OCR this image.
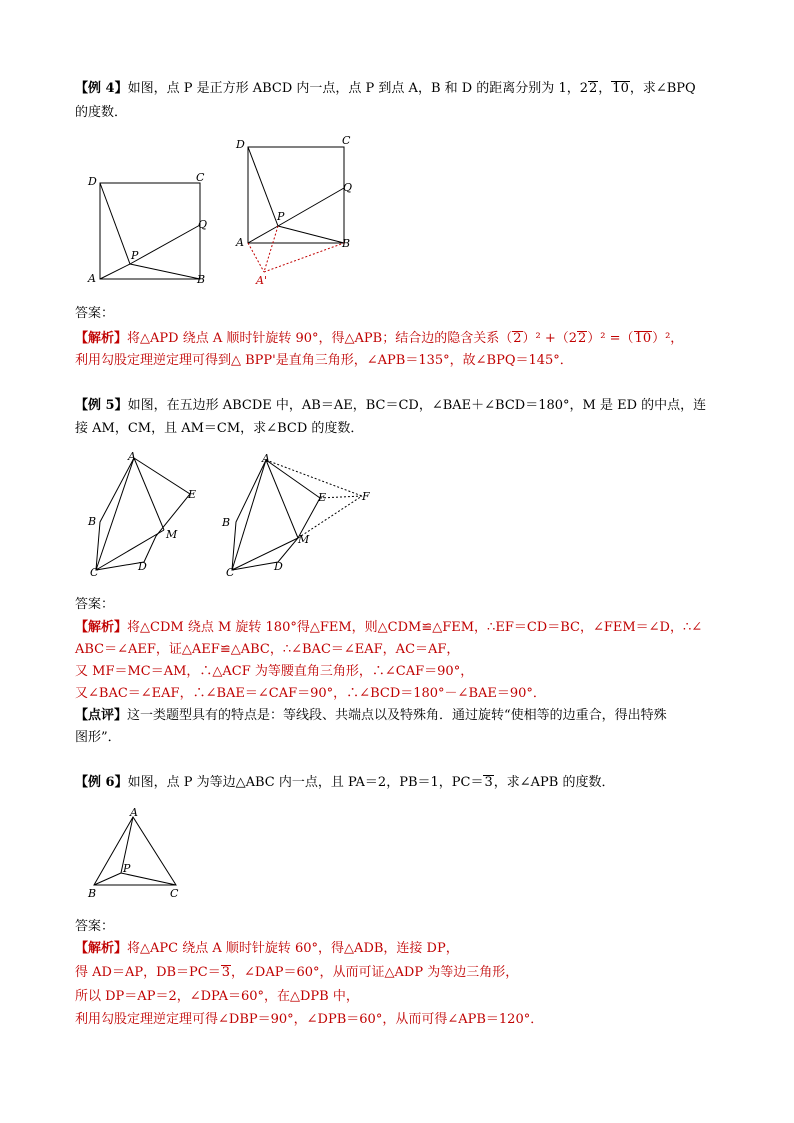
【例 4】如图，点 P 是正方形 ABCD 内一点，点 P 到点 A，B 和 D 的距离分别为 1，22，10，求∠BPQ
的度数．
D	C
Q
P
A	B
D	C
Q
P
A	B
A'
答案：
【解析】将△APD 绕点 A 顺时针旋转 90°，得△APB；结合边的隐含关系（2）² +（22）² =（10）²，
利用勾股定理逆定理可得到△ BPP'是直角三角形，∠APB＝135°，故∠BPQ＝145°．
【例 5】如图，在五边形 ABCDE 中，AB＝AE，BC＝CD，∠BAE＋∠BCD＝180°，M 是 ED 的中点，连
接 AM，CM，且 AM＝CM，求∠BCD 的度数．
A
E
B
M
D
C
A
E	F
B
M
D
C
答案：
【解析】将△CDM 绕点 M 旋转 180°得△FEM，则△CDM≌△FEM，∴EF＝CD＝BC，∠FEM＝∠D，∴∠
ABC＝∠AEF，证△AEF≌△ABC，∴∠BAC＝∠EAF，AC＝AF，
又 MF＝MC＝AM，∴△ACF 为等腰直角三角形，∴∠CAF＝90°，
又∠BAC＝∠EAF，∴∠BAE＝∠CAF＝90°，∴∠BCD＝180°－∠BAE＝90°．
【点评】这一类题型具有的特点是：等线段、共端点以及特殊角．通过旋转“使相等的边重合，得出特殊
图形”．
【例 6】如图，点 P 为等边△ABC 内一点，且 PA＝2，PB＝1，PC＝3，求∠APB 的度数．
A
P
B	C
答案：
【解析】将△APC 绕点 A 顺时针旋转 60°，得△ADB，连接 DP，
得 AD＝AP，DB＝PC＝3，∠DAP＝60°，从而可证△ADP 为等边三角形，
所以 DP＝AP＝2，∠DPA＝60°，在△DPB 中，
利用勾股定理逆定理可得∠DBP＝90°，∠DPB＝60°，从而可得∠APB＝120°．
